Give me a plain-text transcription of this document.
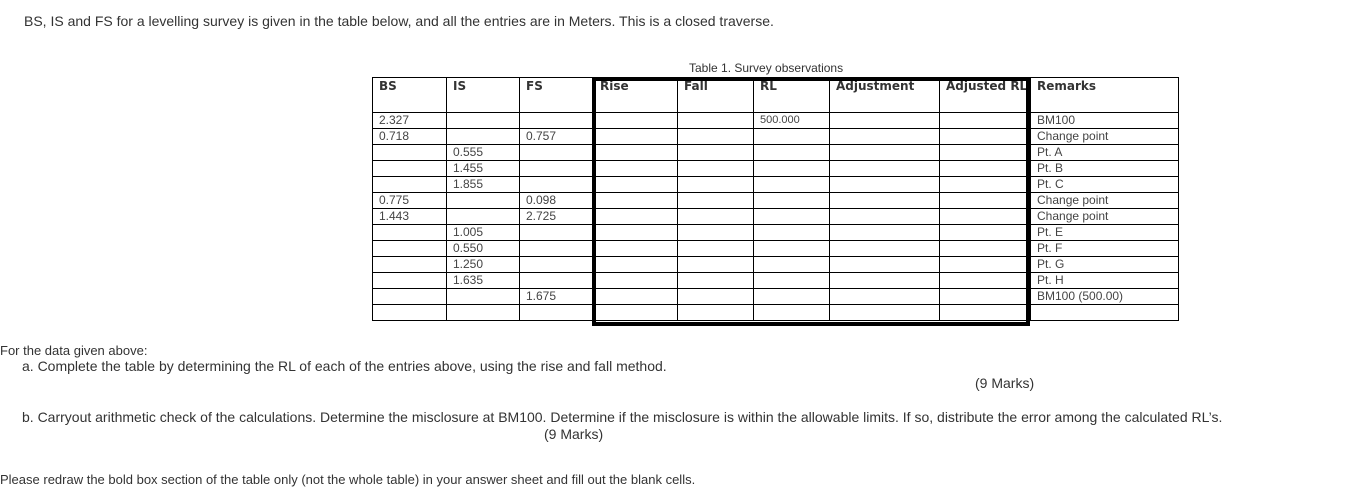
BS, IS and FS for a levelling survey is given in the table below, and all the entries are in Meters. This is a closed traverse.
Table 1. Survey observations
BS	IS	FS	Rise	Fall	RL	Adjustment	Adjusted RL	Remarks
2.327					500.000			BM100
0.718		0.757						Change point
	0.555							Pt. A
	1.455							Pt. B
	1.855							Pt. C
0.775		0.098						Change point
1.443		2.725						Change point
	1.005							Pt. E
	0.550							Pt. F
	1.250							Pt. G
	1.635							Pt. H
		1.675						BM100 (500.00)

For the data given above:
a. Complete the table by determining the RL of each of the entries above, using the rise and fall method.
(9 Marks)
b. Carryout arithmetic check of the calculations. Determine the misclosure at BM100. Determine if the misclosure is within the allowable limits. If so, distribute the error among the calculated RL’s.
(9 Marks)
Please redraw the bold box section of the table only (not the whole table) in your answer sheet and fill out the blank cells.
